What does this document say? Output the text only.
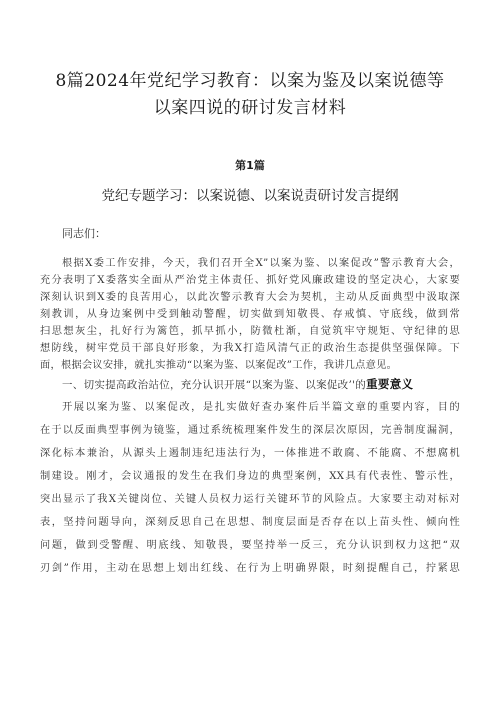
8篇2024年党纪学习教育：以案为鉴及以案说德等
以案四说的研讨发言材料
第1篇
党纪专题学习：以案说德、以案说责研讨发言提纲
同志们：
根据X委工作安排，今天，我们召开全X”以案为鉴、以案促改”警示教育大会，
充分表明了X委落实全面从严治党主体责任、抓好党风廉政建设的坚定决心，大家要
深刻认识到X委的良苦用心，以此次警示教育大会为契机，主动从反面典型中汲取深
刻教训，从身边案例中受到触动警醒，切实做到知敬畏、存戒慎、守底线，做到常
扫思想灰尘，扎好行为篱笆，抓早抓小，防微杜渐，自觉筑牢守规矩、守纪律的思
想防线，树牢党员干部良好形象，为我X打造风清气正的政治生态提供坚强保障。下
面，根据会议安排，就扎实推动“以案为鉴、以案促改”工作，我讲几点意见。
一、切实提高政治站位，充分认识开展“以案为鉴、以案促改’'的重要意义
开展以案为鉴、以案促改，是扎实做好查办案件后半篇文章的重要内容，目的
在于以反面典型事例为镜鉴，通过系统梳理案件发生的深层次原因，完善制度漏洞，
深化标本兼治，从源头上遏制违纪违法行为，一体推进不敢腐、不能腐、不想腐机
制建设。刚才，会议通报的发生在我们身边的典型案例，XX具有代表性、警示性，
突出显示了我X关键岗位、关键人员权力运行关键环节的风险点。大家要主动对标对
表，坚持问题导向，深刻反思自己在思想、制度层面是否存在以上苗头性、倾向性
问题，做到受警醒、明底线、知敬畏，要坚持举一反三，充分认识到权力这把“双
刃剑”作用，主动在思想上划出红线、在行为上明确界限，时刻提醒自己，拧紧思
